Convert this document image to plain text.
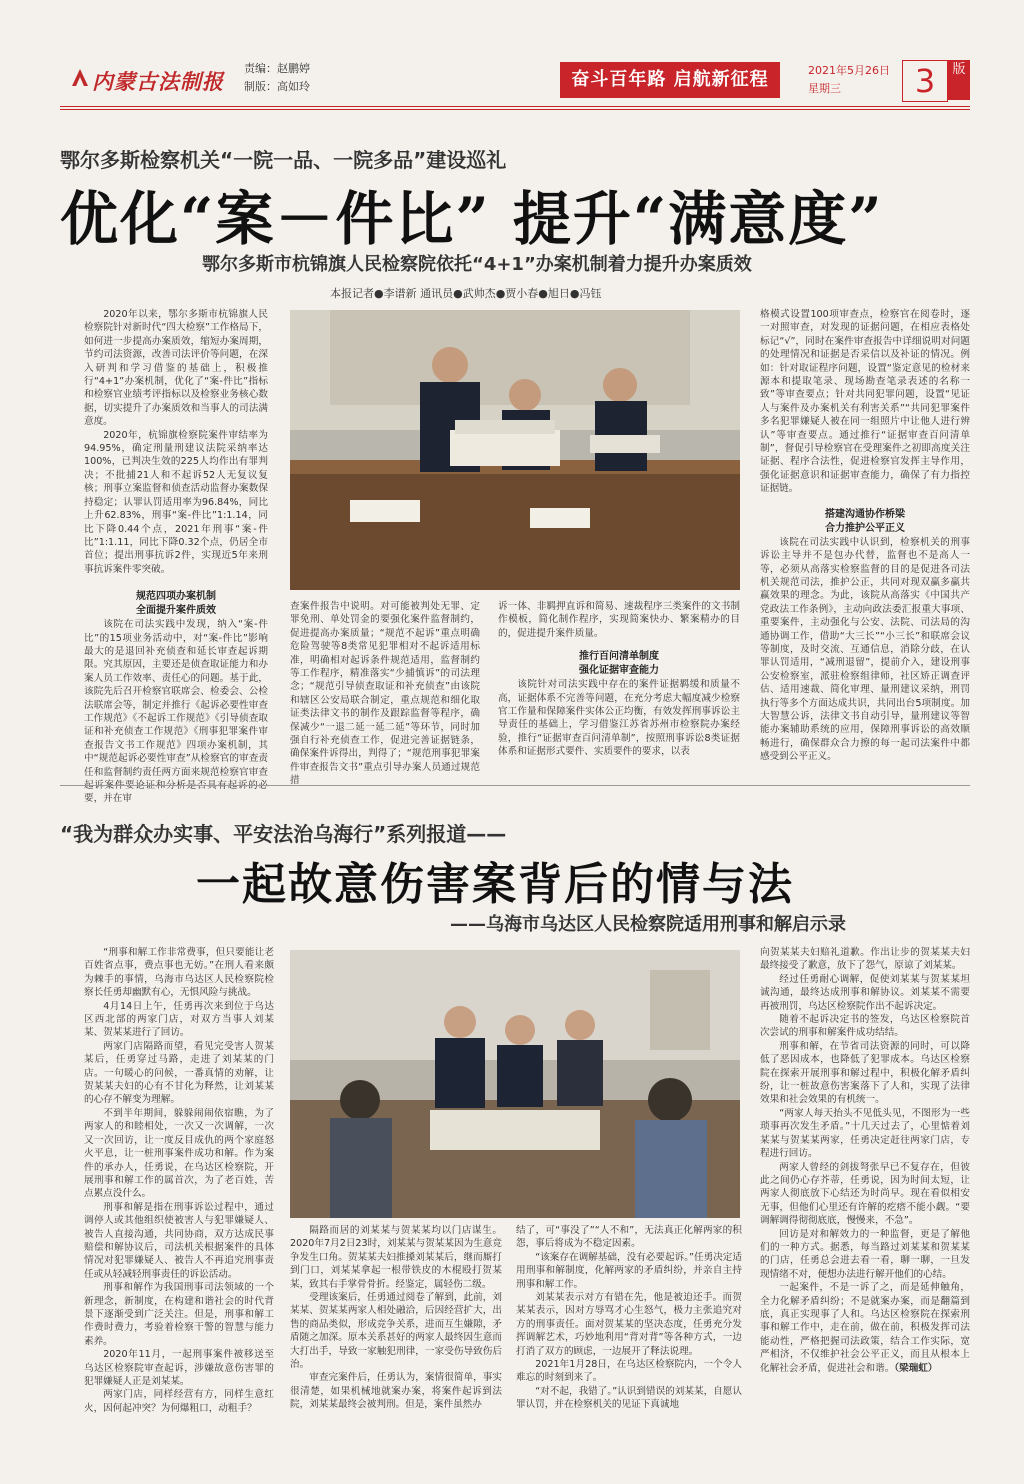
内蒙古法制报
责编：赵鹏婷
制版：高如玲	奋斗百年路 启航新征程	2021年5月26日
星期三	3	版
鄂尔多斯检察机关“一院一品、一院多品”建设巡礼
优化“案－件比” 提升“满意度”
鄂尔多斯市杭锦旗人民检察院依托“4+1”办案机制着力提升办案质效
本报记者●李谱新 通讯员●武帅杰●贾小春●旭日●冯钰

2020年以来，鄂尔多斯市杭锦旗人民检察院针对新时代“四大检察”工作格局下，如何进一步提高办案质效，缩短办案周期，节约司法资源，改善司法评价等问题，在深入研判和学习借鉴的基础上，积极推行“4+1”办案机制，优化了“案-件比”指标和检察官业绩考评指标以及检察业务核心数据，切实提升了办案质效和当事人的司法满意度。

2020年，杭锦旗检察院案件审结率为94.95%，确定刑量刑建议法院采纳率达100%，已判决生效的225人均作出有罪判决；不批捕21人和不起诉52人无复议复核；刑事立案监督和侦查活动监督办案数保持稳定；认罪认罚适用率为96.84%，同比上升62.83%，刑事“案-件比”1:1.14，同比下降0.44个点，2021年刑事“案-件比”1:1.11，同比下降0.32个点，仍居全市首位；提出刑事抗诉2件，实现近5年来刑事抗诉案件零突破。

规范四项办案机制
全面提升案件质效

该院在司法实践中发现，纳入“案-件比”的15项业务活动中，对“案-件比”影响最大的是退回补充侦查和延长审查起诉期限。究其原因，主要还是侦查取证能力和办案人员工作效率、责任心的问题。基于此，该院先后召开检察官联席会、检委会、公检法联席会等，制定并推行《起诉必要性审查工作规范》《不起诉工作规范》《引导侦查取证和补充侦查工作规范》《刑事犯罪案件审查报告文书工作规范》四项办案机制，其中“规范起诉必要性审查”从检察官的审查责任和监督制约责任两方面来规范检察官审查起诉案件要论证和分析是否具有起诉的必要，并在审

查案件报告中说明。对可能被判处无罪、定罪免刑、单处罚金的要强化案件监督制约，促进提高办案质量；“规范不起诉”重点明确危险驾驶等8类常见犯罪相对不起诉适用标准，明确相对起诉条件规范适用，监督制约等工作程序，精准落实“少捕慎诉”的司法理念；“规范引导侦查取证和补充侦查”由该院和辖区公安局联合制定，重点规范和细化取证类法律文书的制作及跟踪监督等程序，确保减少“一退二延一延二延”等环节，同时加强自行补充侦查工作，促进完善证据链条，确保案件诉得出，判得了；“规范刑事犯罪案件审查报告文书”重点引导办案人员通过规范措

诉一体、非羁押直诉和简易、速裁程序三类案件的文书制作模板，简化制作程序，实现简案快办、繁案精办的目的，促进提升案件质量。

推行百问清单制度
强化证据审查能力

该院针对司法实践中存在的案件证据羁缓和质量不高，证据体系不完善等问题，在充分考虑大幅度减少检察官工作量和保障案件实体公正均衡，有效发挥刑事诉讼主导责任的基础上，学习借鉴江苏省苏州市检察院办案经验，推行“证据审查百问清单制”，按照刑事诉讼8类证据体系和证据形式要件、实质要件的要求，以表

格模式设置100项审查点，检察官在阅卷时，逐一对照审查，对发现的证据问题，在相应表格处标记“√”，同时在案件审查报告中详细说明对问题的处理情况和证据是否采信以及补证的情况。例如：针对取证程序问题，设置“鉴定意见的检材来源本和提取笔录、现场勘查笔录表述的名称一致”等审查要点；针对共同犯罪问题，设置“见证人与案件及办案机关有利害关系”“共同犯罪案件多名犯罪嫌疑人被在同一组照片中让他人进行辨认”等审查要点。通过推行“证据审查百问清单制”，督促引导检察官在受理案件之初即高度关注证据、程序合法性，促进检察官发挥主导作用，强化证据意识和证据审查能力，确保了有力指控证据链。

搭建沟通协作桥梁
合力推护公平正义

该院在司法实践中认识到，检察机关的刑事诉讼主导并不是包办代替，监督也不是高人一等，必须从高落实检察监督的目的是促进各司法机关规范司法，推护公正，共同对现双赢多赢共赢效果的理念。为此，该院从高落实《中国共产党政法工作条例》，主动向政法委汇报重大事项、重要案件，主动强化与公安、法院、司法局的沟通协调工作，借助“大三长”“小三长”和联席会议等制度，及时交流、互通信息，消除分歧，在认罪认罚适用，“减刑退留”，提前介入，建设刑事公安检察室，派驻检察组律师，社区矫正调查评估、适用速裁、简化审理、量刑建议采纳，刑罚执行等多个方面达成共识，共同出台5项制度。加大智慧公诉，法律文书自动引导，量刑建议等智能办案辅助系统的应用，保障刑事诉讼的高效顺畅进行，确保群众合力擦的每一起司法案件中都感受到公平正义。

“我为群众办实事、平安法治乌海行”系列报道——
一起故意伤害案背后的情与法
——乌海市乌达区人民检察院适用刑事和解启示录

“刑事和解工作非常费事，但只要能让老百姓省点事，费点事也无妨。”在刑人看来颇为棘手的事情，乌海市乌达区人民检察院检察长任勇却幽默有心，无惧风险与挑战。

4月14日上午，任勇再次来到位于乌达区西北部的两家门店，对双方当事人刘某某、贺某某进行了回访。

两家门店隔路而望，看见完受害人贺某某后，任勇穿过马路，走进了刘某某的门店。一句暖心的问候，一番真情的劝解，让贺某某夫妇的心有不甘化为释然，让刘某某的心存不解变为理解。

不到半年期间，躲躲闹闹依宿瞧，为了两家人的和睦相处，一次又一次调解，一次又一次回访，让一度反目成仇的两个家庭怒火平息，让一桩刑事案件成功和解。作为案件的承办人，任勇说，在乌达区检察院，开展刑事和解工作的属首次，为了老百姓，苦点累点没什么。

刑事和解是指在刑事诉讼过程中，通过调停人或其他组织使被害人与犯罪嫌疑人、被告人直接沟通，共同协商，双方达成民事赔偿和解协议后，司法机关根据案件的具体情况对犯罪嫌疑人、被告人不再追究刑事责任或从轻减轻刑事责任的诉讼活动。

刑事和解作为我国刑事司法领域的一个新理念，新制度，在构建和谐社会的时代背景下逐渐受到广泛关注。但是，刑事和解工作费时费力，考验着检察干警的智慧与能力素养。

2020年11月，一起刑事案件被移送至乌达区检察院审查起诉，涉嫌故意伤害罪的犯罪嫌疑人正是刘某某。

两家门店，同样经营有方，同样生意红火，因何起冲突？为何爆粗口，动粗手？

隔路而居的刘某某与贺某某均以门店谋生。2020年7月2日23时，刘某某与贺某某因为生意竞争发生口角。贺某某夫妇推搡刘某某后，继而厮打到门口，刘某某拿起一根带铁皮的木棍殴打贺某某，致其右手掌骨骨折。经鉴定，属轻伤二级。

受理该案后，任勇通过阅卷了解到，此前，刘某某、贺某某两家人相处融洽，后因经营扩大，出售的商品类似，形成竞争关系，进而互生嫌隙，矛盾随之加深。原本关系甚好的两家人最终因生意而大打出手，导致一家触犯刑律，一家受伤导致伤后治。

审查完案件后，任勇认为，案情很简单，事实很清楚，如果机械地就案办案，将案件起诉到法院，刘某某最终会被判刑。但是，案件虽然办

结了，可“事没了”“人不和”，无法真正化解两家的积怨，事后将成为不稳定因素。

“该案存在调解基础，没有必要起诉。”任勇决定适用刑事和解制度，化解两家的矛盾纠纷，并亲自主持刑事和解工作。

刘某某表示对方有错在先，他是被迫还手。而贺某某表示，因对方辱骂才心生怒气，极力主张追究对方的刑事责任。面对贺某某的坚决态度，任勇充分发挥调解艺术，巧妙地利用“背对背”等各种方式，一边打消了双方的顾虑，一边展开了释法说理。

2021年1月28日，在乌达区检察院内，一个令人难忘的时刻到来了。

“对不起，我错了。”认识到错误的刘某某，自愿认罪认罚，并在检察机关的见证下真诚地

向贺某某夫妇赔礼道歉。作出让步的贺某某夫妇最终接受了歉意，放下了怨气，原谅了刘某某。

经过任勇耐心调解，促使刘某某与贺某某坦诚沟通，最终达成刑事和解协议。刘某某不需要再被刑罚，乌达区检察院作出不起诉决定。

随着不起诉决定书的签发，乌达区检察院首次尝试的刑事和解案件成功结结。

刑事和解，在节省司法资源的同时，可以降低了恶因成本，也降低了犯罪成本。乌达区检察院在探索开展刑事和解过程中，积极化解矛盾纠纷，让一桩故意伤害案落下了人和，实现了法律效果和社会效果的有机统一。

“两家人每天抬头不见低头见，不图形为一些琐事再次发生矛盾。”十几天过去了，心里惦着刘某某与贺某某两家，任勇决定赶往两家门店，专程进行回访。

两家人曾经的剑拔弩张早已不复存在，但彼此之间仍心存芥蒂，任勇说，因为时间太短，让两家人彻底放下心结还为时尚早。现在看似相安无事，但他们心里还有许解的疙瘩不能小觑。“要调解调得彻彻底底，慢慢来，不急”。

回访是对和解效力的一种监督，更是了解他们的一种方式。据悉，每当路过刘某某和贺某某的门店，任勇总会进去看一看，聊一聊，一旦发现情绪不对，便想办法进行解开他们的心结。

一起案件，不是一诉了之，而是延伸触角，全力化解矛盾纠纷；不是就案办案，而是翻篇到底，真正实现事了人和。乌达区检察院在探索刑事和解工作中，走在前，做在前，积极发挥司法能动性，严格把握司法政策，结合工作实际，宽严相济，不仅维护社会公平正义，而且从根本上化解社会矛盾，促进社会和谐。（梁瑞虹）
